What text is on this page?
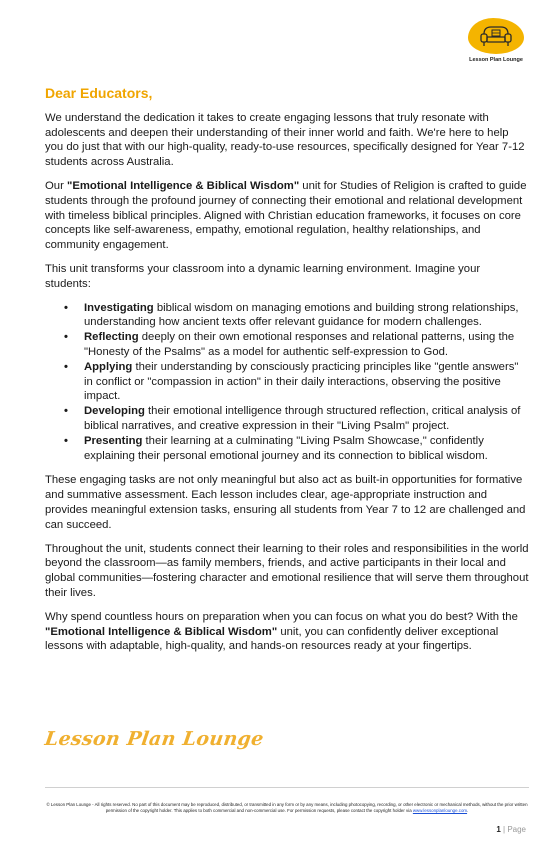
Lesson Plan Lounge
Dear Educators,

We understand the dedication it takes to create engaging lessons that truly resonate with adolescents and deepen their understanding of their inner world and faith. We're here to help you do just that with our high-quality, ready-to-use resources, specifically designed for Year 7-12 students across Australia.

Our "Emotional Intelligence & Biblical Wisdom" unit for Studies of Religion is crafted to guide students through the profound journey of connecting their emotional and relational development with timeless biblical principles. Aligned with Christian education frameworks, it focuses on core concepts like self-awareness, empathy, emotional regulation, healthy relationships, and community engagement.

This unit transforms your classroom into a dynamic learning environment. Imagine your students:

• Investigating biblical wisdom on managing emotions and building strong relationships, understanding how ancient texts offer relevant guidance for modern challenges.
• Reflecting deeply on their own emotional responses and relational patterns, using the "Honesty of the Psalms" as a model for authentic self-expression to God.
• Applying their understanding by consciously practicing principles like "gentle answers" in conflict or "compassion in action" in their daily interactions, observing the positive impact.
• Developing their emotional intelligence through structured reflection, critical analysis of biblical narratives, and creative expression in their "Living Psalm" project.
• Presenting their learning at a culminating "Living Psalm Showcase," confidently explaining their personal emotional journey and its connection to biblical wisdom.

These engaging tasks are not only meaningful but also act as built-in opportunities for formative and summative assessment. Each lesson includes clear, age-appropriate instruction and provides meaningful extension tasks, ensuring all students from Year 7 to 12 are challenged and can succeed.

Throughout the unit, students connect their learning to their roles and responsibilities in the world beyond the classroom—as family members, friends, and active participants in their local and global communities—fostering character and emotional resilience that will serve them throughout their lives.

Why spend countless hours on preparation when you can focus on what you do best? With the "Emotional Intelligence & Biblical Wisdom" unit, you can confidently deliver exceptional lessons with adaptable, high-quality, and hands-on resources ready at your fingertips.

Lesson Plan Lounge
© Lesson Plan Lounge - All rights reserved. No part of this document may be reproduced, distributed, or transmitted in any form or by any means, including photocopying, recording, or other electronic or mechanical methods, without the prior written permission of the copyright holder. This applies to both commercial and non-commercial use. For permission requests, please contact the copyright holder via www.lessonplanlounge.com.
1 | Page
